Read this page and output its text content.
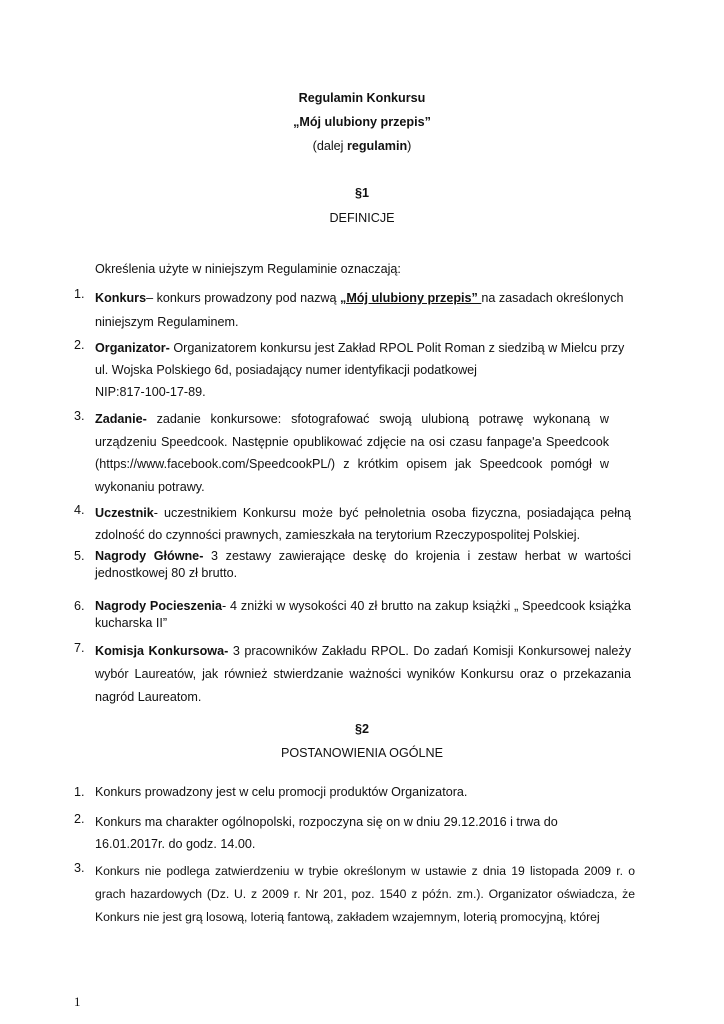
Regulamin Konkursu
„Mój ulubiony przepis”
(dalej regulamin)
§1
DEFINICJE
Określenia użyte w niniejszym Regulaminie oznaczają:
1. Konkurs– konkurs prowadzony pod nazwą „Mój ulubiony przepis” na zasadach określonych niniejszym Regulaminem.
2. Organizator- Organizatorem konkursu jest Zakład RPOL Polit Roman z siedzibą w Mielcu przy ul. Wojska Polskiego 6d, posiadający numer identyfikacji podatkowej
NIP:817-100-17-89.
3. Zadanie- zadanie konkursowe: sfotografować swoją ulubioną potrawę wykonaną w urządzeniu Speedcook. Następnie opublikować zdjęcie na osi czasu fanpage'a Speedcook (https://www.facebook.com/SpeedcookPL/) z krótkim opisem jak Speedcook pomógł w wykonaniu potrawy.
4. Uczestnik- uczestnikiem Konkursu może być pełnoletnia osoba fizyczna, posiadająca pełną zdolność do czynności prawnych, zamieszkała na terytorium Rzeczypospolitej Polskiej.
5. Nagrody Główne- 3 zestawy zawierające deskę do krojenia i zestaw herbat w wartości jednostkowej 80 zł brutto.
6. Nagrody Pocieszenia- 4 zniżki w wysokości 40 zł brutto na zakup książki „ Speedcook książka kucharska II”
7. Komisja Konkursowa- 3 pracowników Zakładu RPOL. Do zadań Komisji Konkursowej należy wybór Laureatów, jak również stwierdzanie ważności wyników Konkursu oraz o przekazania nagród Laureatom.
§2
POSTANOWIENIA OGÓLNE
1. Konkurs prowadzony jest w celu promocji produktów Organizatora.
2. Konkurs ma charakter ogólnopolski, rozpoczyna się on w dniu 29.12.2016 i trwa do 16.01.2017r. do godz. 14.00.
3. Konkurs nie podlega zatwierdzeniu w trybie określonym w ustawie z dnia 19 listopada 2009 r. o grach hazardowych (Dz. U. z 2009 r. Nr 201, poz. 1540 z późn. zm.). Organizator oświadcza, że Konkurs nie jest grą losową, loterią fantową, zakładem wzajemnym, loterią promocyjną, której
1
